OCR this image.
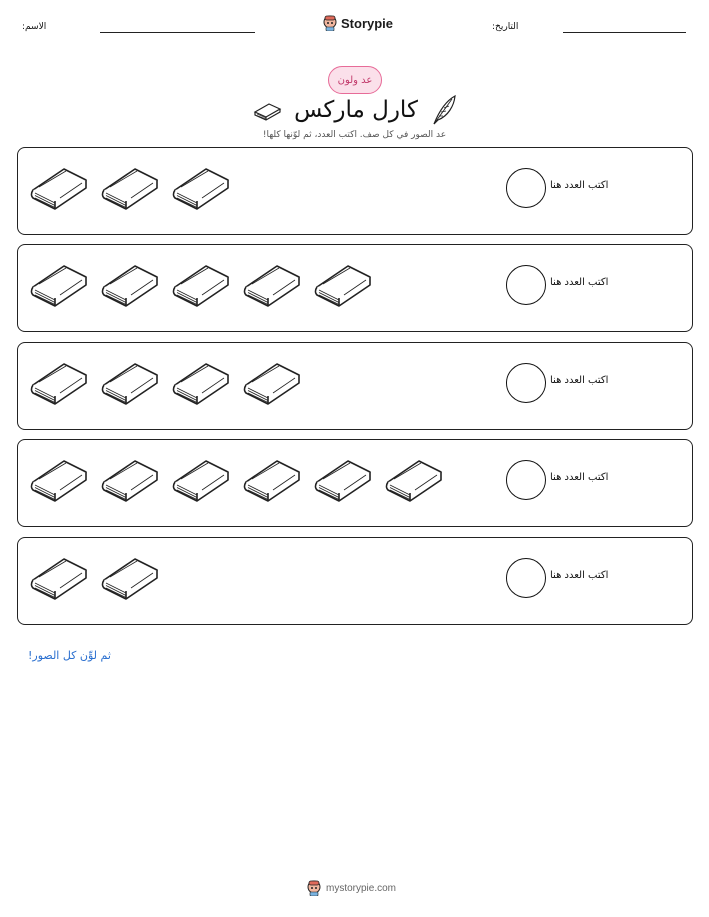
الاسم:	Storypie	التاريخ:
عد ولون
كارل ماركس
عد الصور في كل صف. اكتب العدد، ثم لوّنها كلها!
اكتب العدد هنا
اكتب العدد هنا
اكتب العدد هنا
اكتب العدد هنا
اكتب العدد هنا
ثم لوِّن كل الصور!
mystorypie.com
